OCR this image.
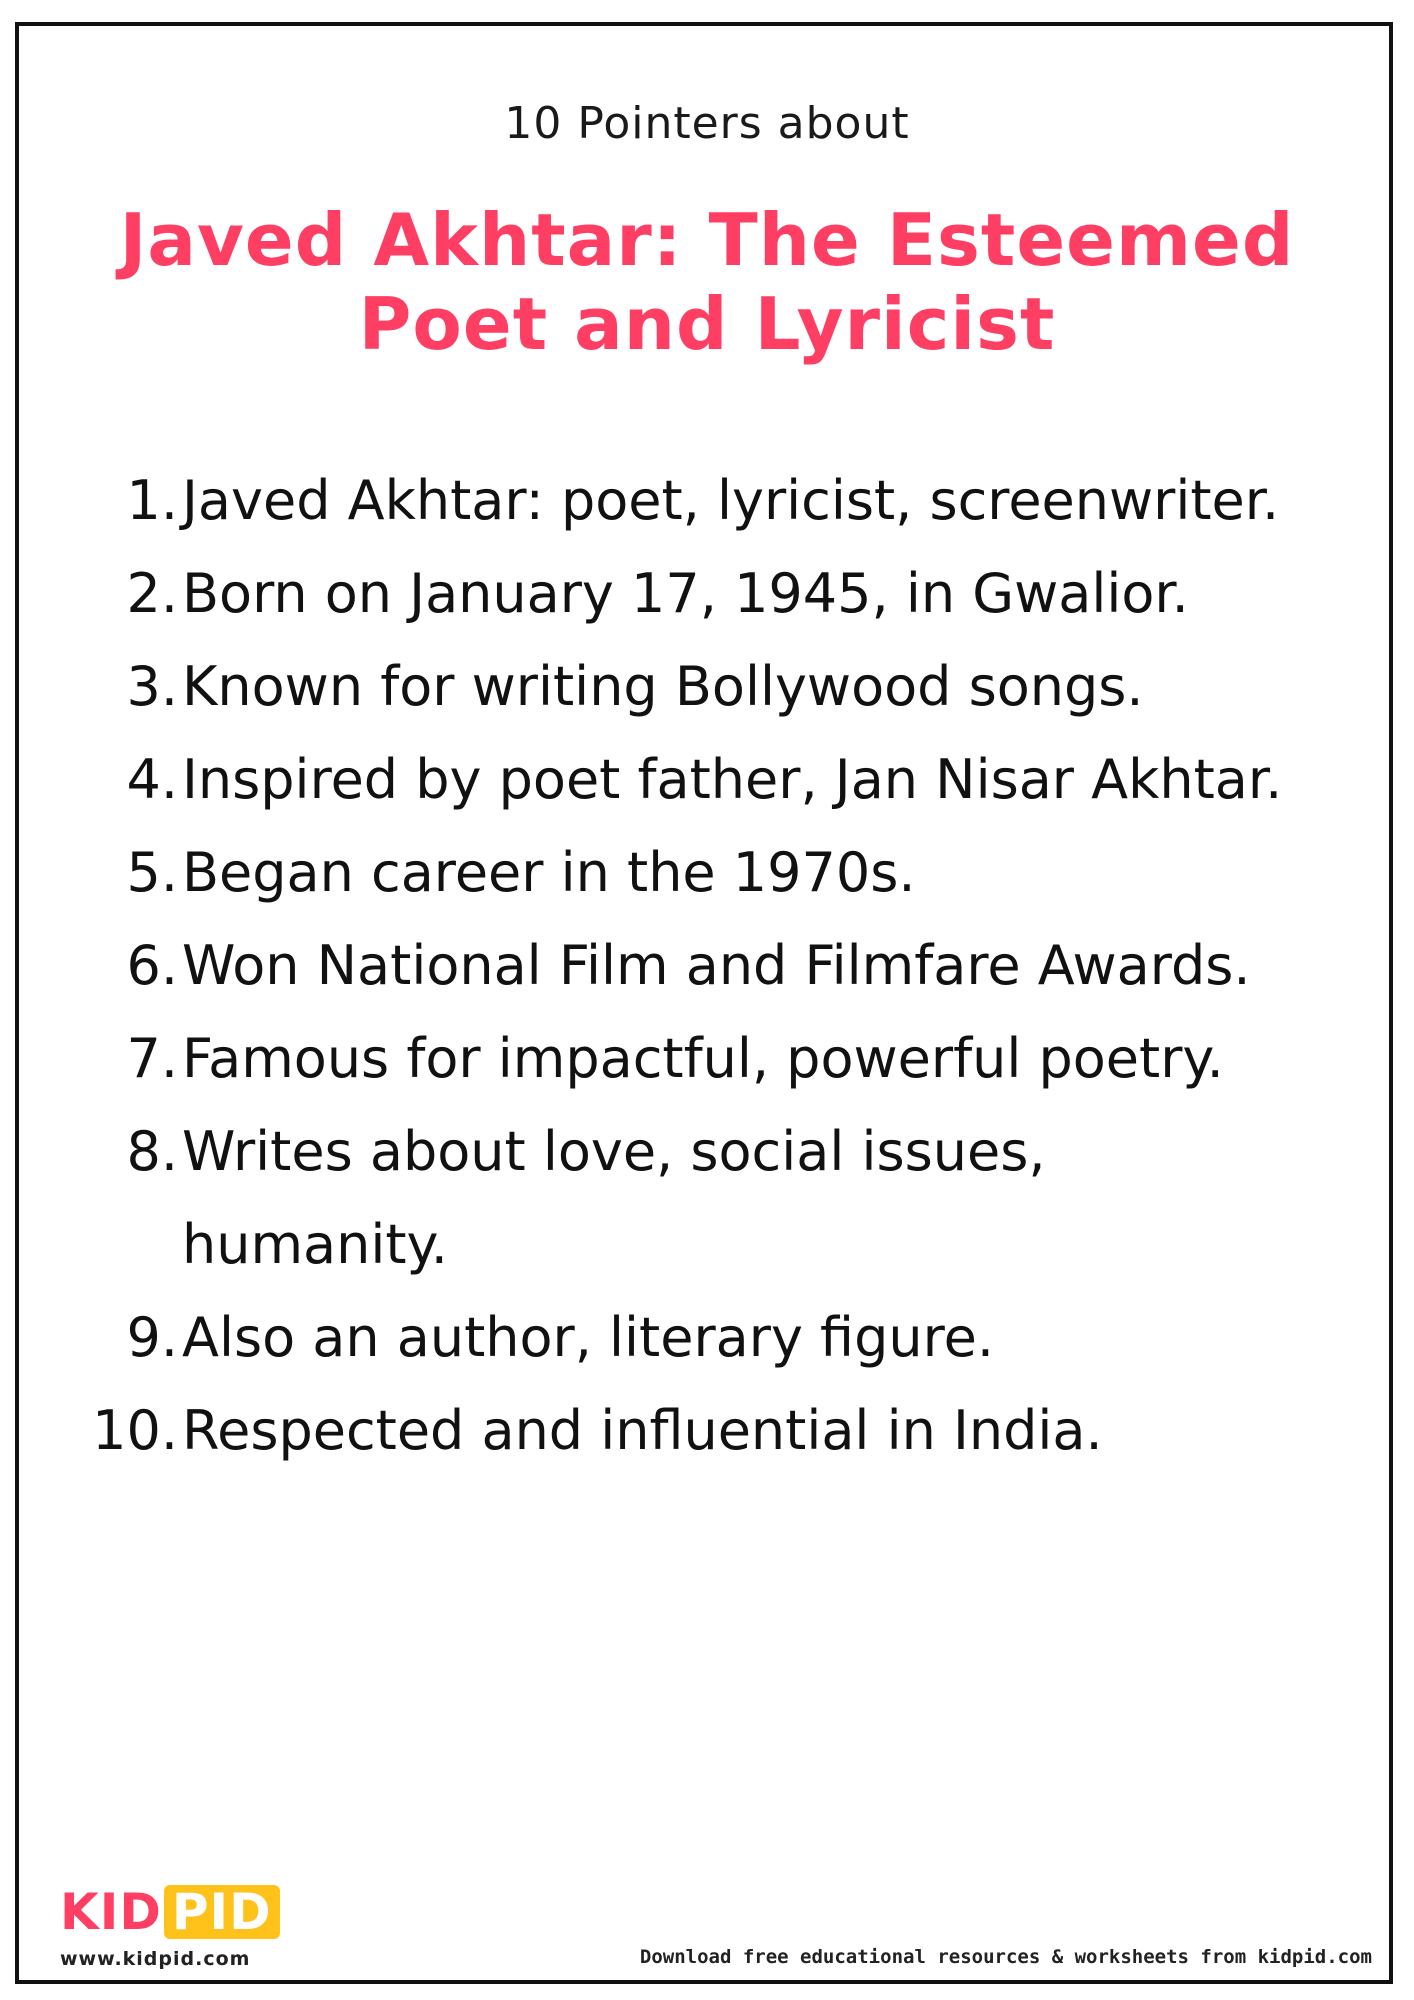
10 Pointers about
Javed Akhtar: The Esteemed Poet and Lyricist
1. Javed Akhtar: poet, lyricist, screenwriter.
2. Born on January 17, 1945, in Gwalior.
3. Known for writing Bollywood songs.
4. Inspired by poet father, Jan Nisar Akhtar.
5. Began career in the 1970s.
6. Won National Film and Filmfare Awards.
7. Famous for impactful, powerful poetry.
8. Writes about love, social issues, humanity.
9. Also an author, literary figure.
10. Respected and influential in India.
KID PID
www.kidpid.com	Download free educational resources & worksheets from kidpid.com
